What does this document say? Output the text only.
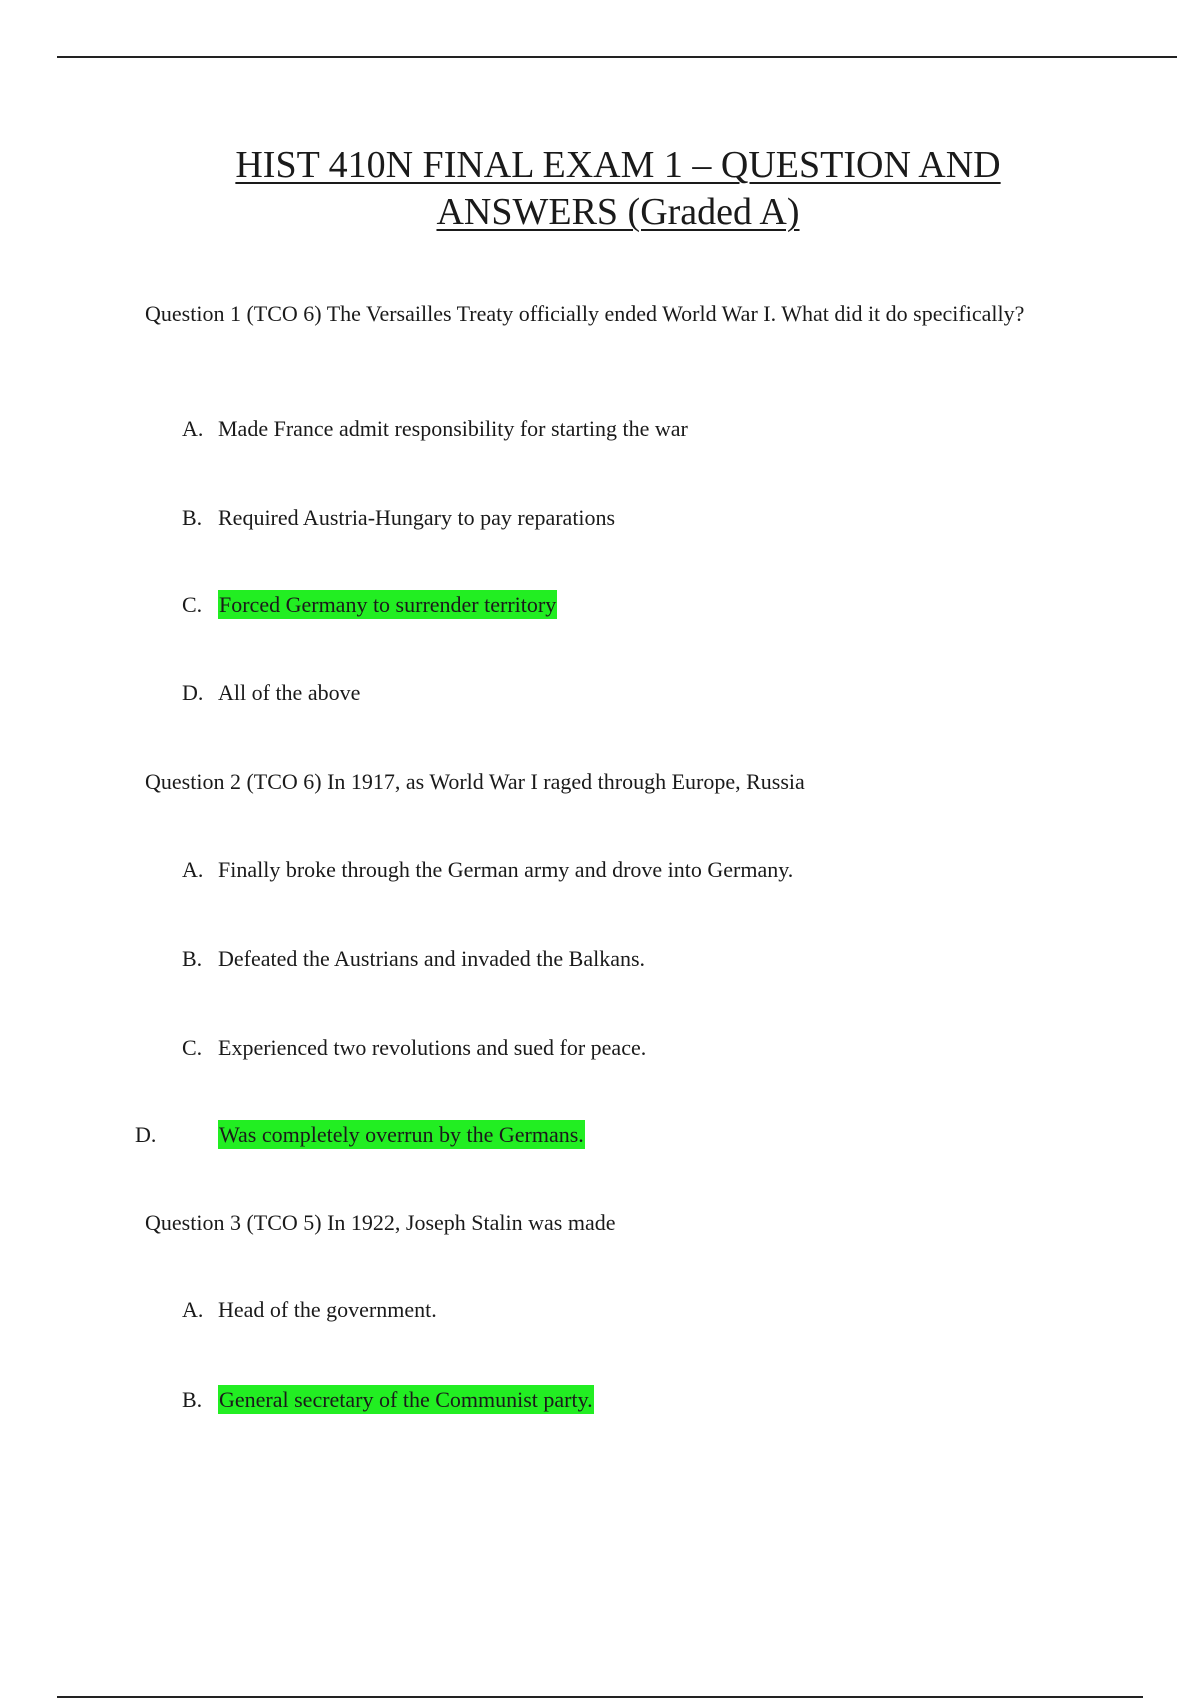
HIST 410N FINAL EXAM 1 – QUESTION AND
ANSWERS (Graded A)

Question 1 (TCO 6) The Versailles Treaty officially ended World War I. What did it do specifically?

A. Made France admit responsibility for starting the war
B. Required Austria-Hungary to pay reparations
C. Forced Germany to surrender territory
D. All of the above

Question 2 (TCO 6) In 1917, as World War I raged through Europe, Russia

A. Finally broke through the German army and drove into Germany.
B. Defeated the Austrians and invaded the Balkans.
C. Experienced two revolutions and sued for peace.
D.	Was completely overrun by the Germans.

Question 3 (TCO 5) In 1922, Joseph Stalin was made

A. Head of the government.
B. General secretary of the Communist party.
